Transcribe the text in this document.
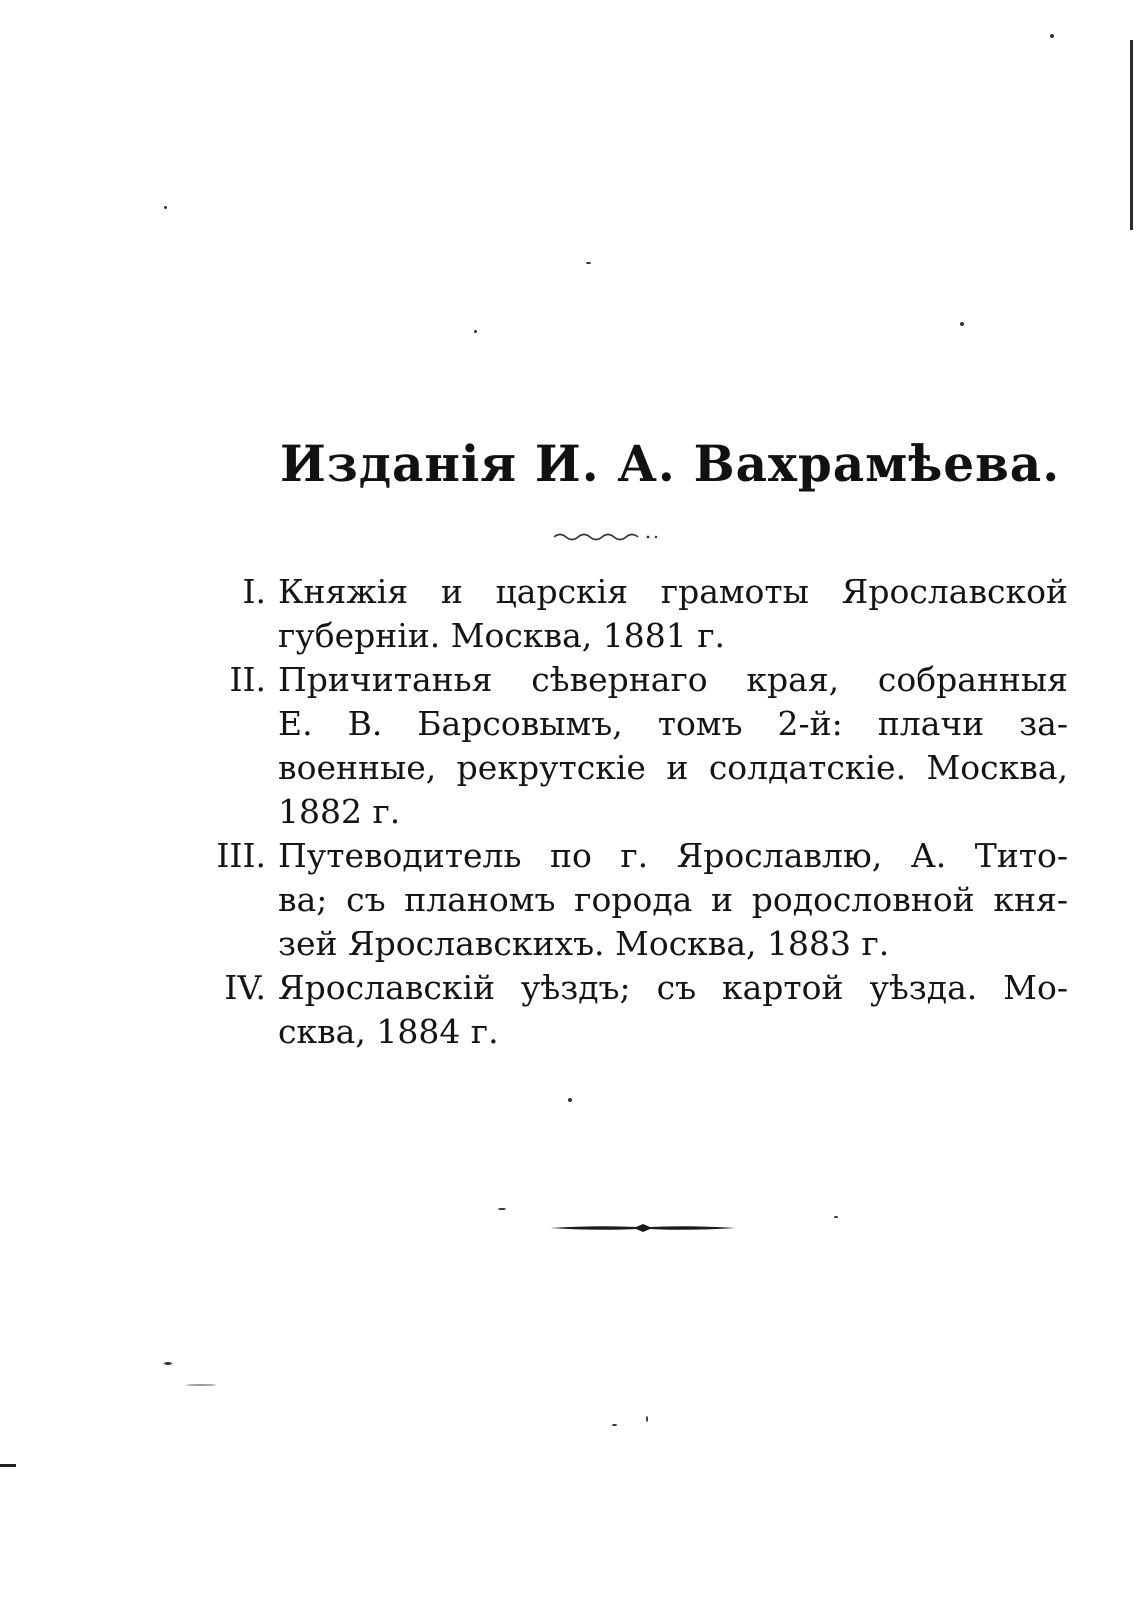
Изданія И. А. Вахрамѣева.
I. Княжія и царскія грамоты Ярославской
губерніи. Москва, 1881 г.
II. Причитанья сѣвернаго края, собранныя
Е. В. Барсовымъ, томъ 2-й: плачи за-
военные, рекрутскіе и солдатскіе. Москва,
1882 г.
III. Путеводитель по г. Ярославлю, А. Тито-
ва; съ планомъ города и родословной кня-
зей Ярославскихъ. Москва, 1883 г.
IV. Ярославскій уѣздъ; съ картой уѣзда. Мо-
сква, 1884 г.
